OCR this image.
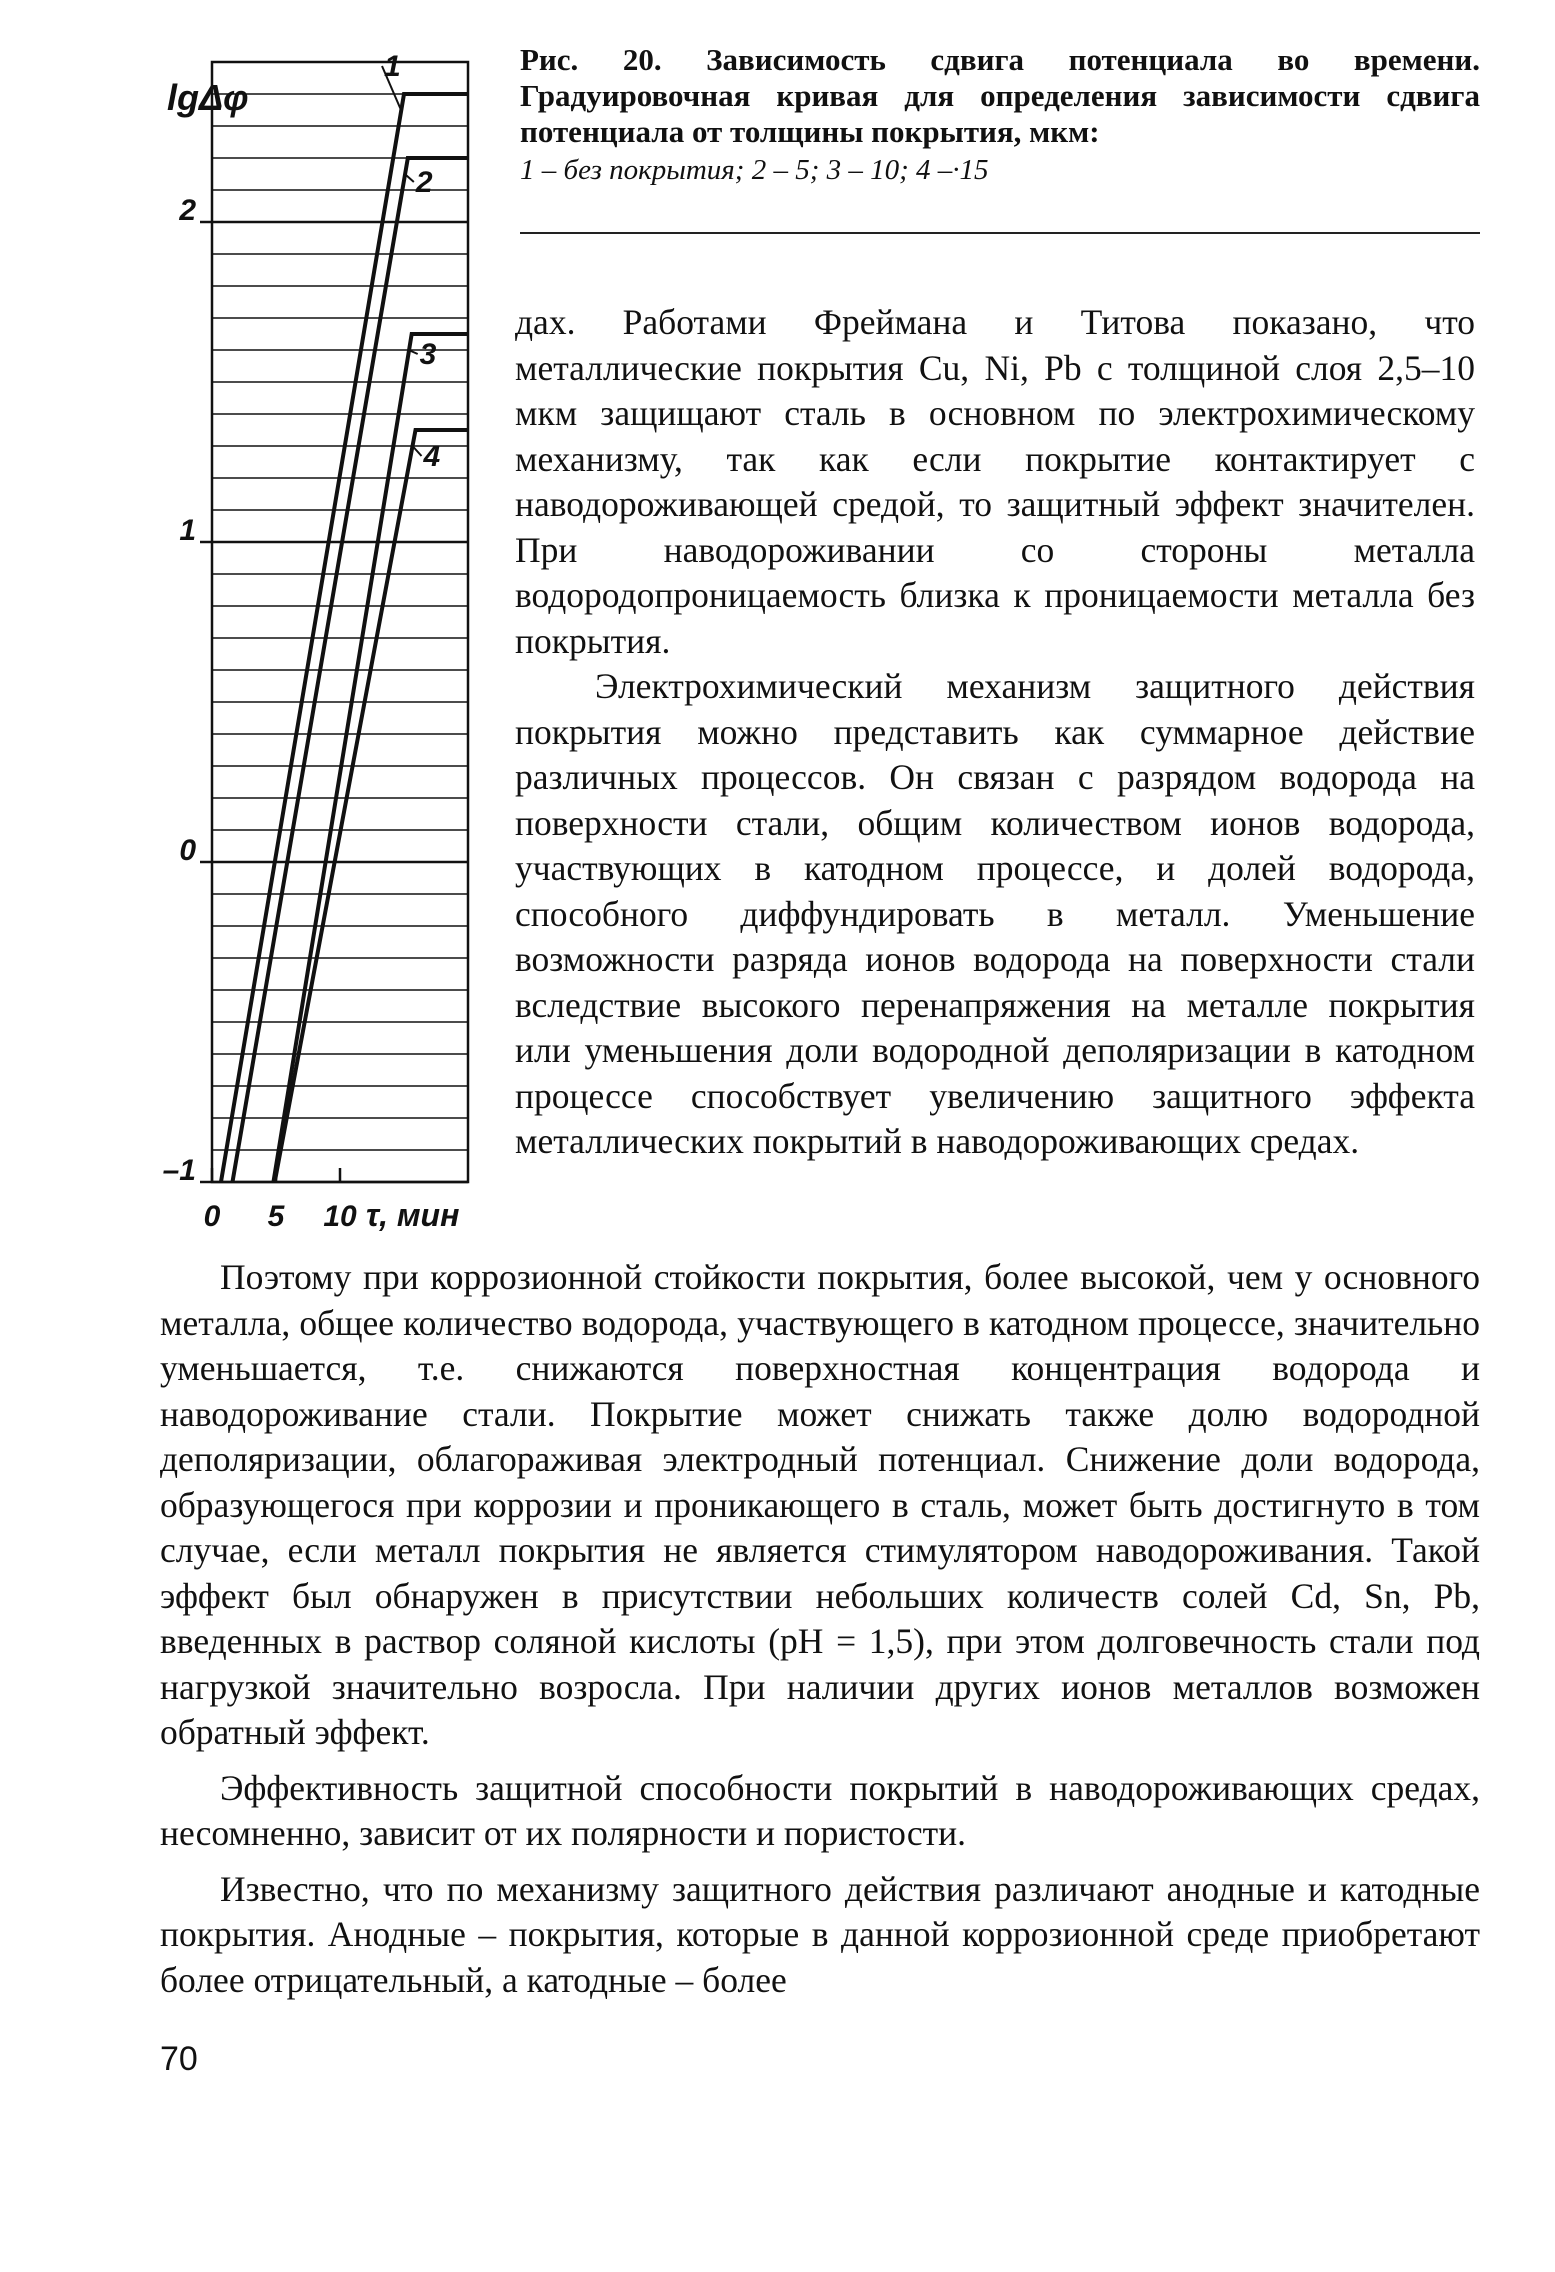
1
2
3
4
–1
0
1
2
0 5 10
lgΔφ
τ, мин
Рис. 20. Зависимость сдвига потенциала во времени. Градуировочная кривая для определения зависимости сдвига потенциала от толщины покрытия, мкм:
1 – без покрытия; 2 – 5; 3 – 10; 4 –·15

дах. Работами Фреймана и Титова показано, что металлические покрытия Cu, Ni, Pb с толщиной слоя 2,5–10 мкм защищают сталь в основном по электрохимическому механизму, так как если покрытие контактирует с наводороживающей средой, то защитный эффект значителен. При наводороживании со стороны металла водородопроницаемость близка к проницаемости металла без покрытия.

Электрохимический механизм защитного действия покрытия можно представить как суммарное действие различных процессов. Он связан с разрядом водорода на поверхности стали, общим количеством ионов водорода, участвующих в катодном процессе, и долей водорода, способного диффундировать в металл. Уменьшение возможности разряда ионов водорода на поверхности стали вследствие высокого перенапряжения на металле покрытия или уменьшения доли водородной деполяризации в катодном процессе способствует увеличению защитного эффекта металлических покрытий в наводороживающих средах.

Поэтому при коррозионной стойкости покрытия, более высокой, чем у основного металла, общее количество водорода, участвующего в катодном процессе, значительно уменьшается, т.е. снижаются поверхностная концентрация водорода и наводороживание стали. Покрытие может снижать также долю водородной деполяризации, облагораживая электродный потенциал. Снижение доли водорода, образующегося при коррозии и проникающего в сталь, может быть достигнуто в том случае, если металл покрытия не является стимулятором наводороживания. Такой эффект был обнаружен в присутствии небольших количеств солей Cd, Sn, Pb, введенных в раствор соляной кислоты (pH = 1,5), при этом долговечность стали под нагрузкой значительно возросла. При наличии других ионов металлов возможен обратный эффект.

Эффективность защитной способности покрытий в наводороживающих средах, несомненно, зависит от их полярности и пористости.

Известно, что по механизму защитного действия различают анодные и катодные покрытия. Анодные – покрытия, которые в данной коррозионной среде приобретают более отрицательный, а катодные – более

70
